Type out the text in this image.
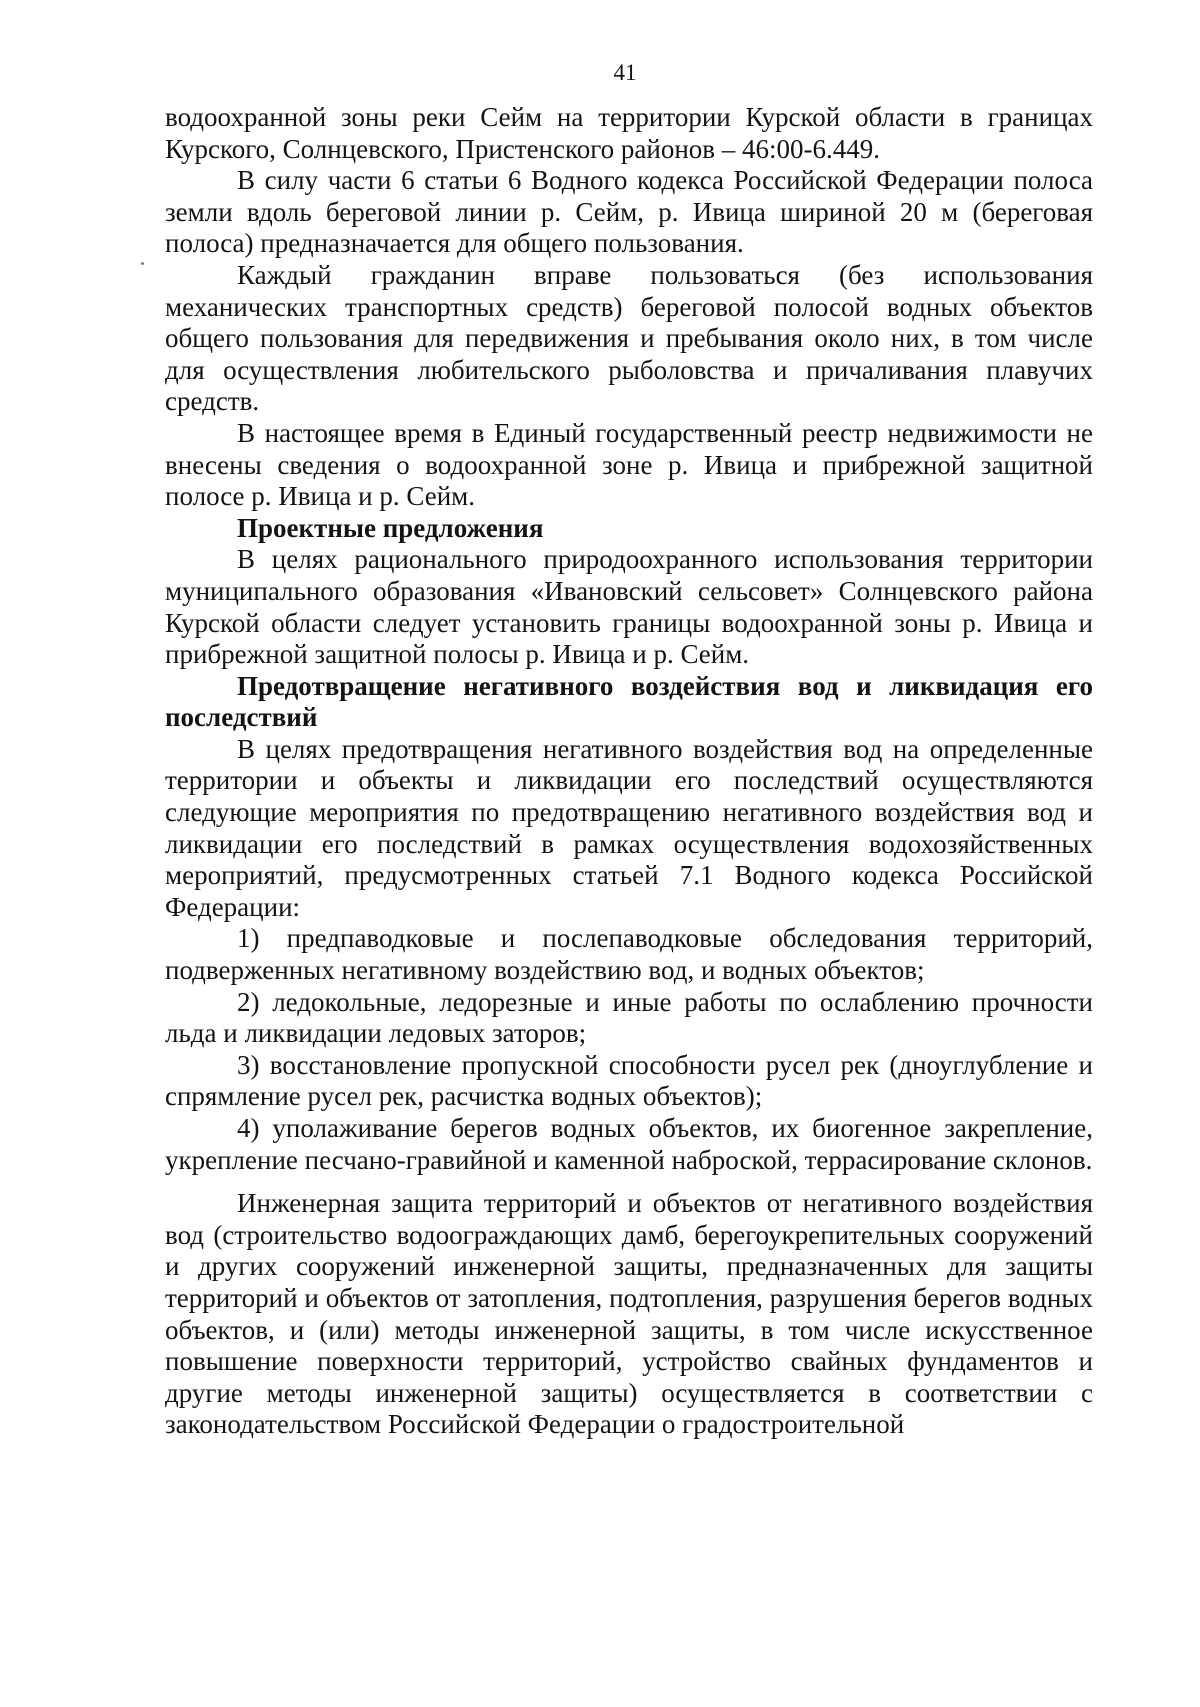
41

водоохранной зоны реки Сейм на территории Курской области в границах Курского, Солнцевского, Пристенского районов – 46:00-6.449.

В силу части 6 статьи 6 Водного кодекса Российской Федерации полоса земли вдоль береговой линии р. Сейм, р. Ивица шириной 20 м (береговая полоса) предназначается для общего пользования.

Каждый гражданин вправе пользоваться (без использования механических транспортных средств) береговой полосой водных объектов общего пользования для передвижения и пребывания около них, в том числе для осуществления любительского рыболовства и причаливания плавучих средств.

В настоящее время в Единый государственный реестр недвижимости не внесены сведения о водоохранной зоне р. Ивица и прибрежной защитной полосе р. Ивица и р. Сейм.

Проектные предложения

В целях рационального природоохранного использования территории муниципального образования «Ивановский сельсовет» Солнцевского района Курской области следует установить границы водоохранной зоны р. Ивица и прибрежной защитной полосы р. Ивица и р. Сейм.

Предотвращение негативного воздействия вод и ликвидация его последствий

В целях предотвращения негативного воздействия вод на определенные территории и объекты и ликвидации его последствий осуществляются следующие мероприятия по предотвращению негативного воздействия вод и ликвидации его последствий в рамках осуществления водохозяйственных мероприятий, предусмотренных статьей 7.1 Водного кодекса Российской Федерации:

1) предпаводковые и послепаводковые обследования территорий, подверженных негативному воздействию вод, и водных объектов;

2) ледокольные, ледорезные и иные работы по ослаблению прочности льда и ликвидации ледовых заторов;

3) восстановление пропускной способности русел рек (дноуглубление и спрямление русел рек, расчистка водных объектов);

4) уполаживание берегов водных объектов, их биогенное закрепление, укрепление песчано-гравийной и каменной наброской, террасирование склонов.

Инженерная защита территорий и объектов от негативного воздействия вод (строительство водоограждающих дамб, берегоукрепительных сооружений и других сооружений инженерной защиты, предназначенных для защиты территорий и объектов от затопления, подтопления, разрушения берегов водных объектов, и (или) методы инженерной защиты, в том числе искусственное повышение поверхности территорий, устройство свайных фундаментов и другие методы инженерной защиты) осуществляется в соответствии с законодательством Российской Федерации о градостроительной
